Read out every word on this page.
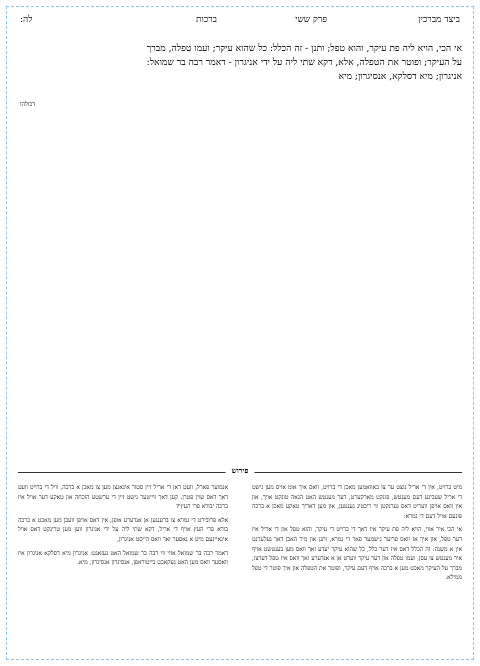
ביצד מברכין
פרק ששי
ברכות
לה:

אי הכי, הויא ליה פת עיקר, והוא טפל; ותנן - זה הכלל: כל שהוא עיקר; ועמו טפלה, מברך

על העיקר; ופוטר את הטפלה, אלא, דקא שתי ליה על ידי אניגרון - דאמר רבה בר שמואל:

אניגרון; מיא דסלקא, אנסיגרון; מיא

דכולהו
פירוש

מיט ברויט, אין ד' אריל נוצט ער צו באוואמען מאכן די ברויט, וואס איך אומ אויס מען נישט די אריל שעכיגע דעם מענטש, פונקט מארקערט, דער מענטש האט הנאה טונקט אויך, און אין וואס אויפן וועריט דאס נערנקטן ווי ריכטיג גענטען, און מען דאריך טאקע מאכן א ברכה פונעם אויל דעם די גמרא:

אי הכי איר אווי, הויא ליה פת עיקר איז דאך די ברויט די עיקר, והוא טפל און די אריל איז דער טפל, און איך אז וואס פריער ג'שמעד פאר די גמרא, ותנן און מיר האבן דאך געלערנט אין א משנה: זה הכלל דאס איז דער כלל, כל שהוא עיקר יעדע זאך וואס מען בענטשט אויף איר מענטש צו עסן, ועמו טפלה און דער עיקר ווערט אן א אנדערע זאך וואס איז טפל דערצו, מברך על העיקר מאכט מען א ברכה אויף דעם עיקר, ופוטר את הטפלה און איך פוטר די טפל ממילא.

אנמוער פארל, וועט דאן ד' אריל זיין סטור איגאנצן מען צו מאכן א ברכה, וויל די ברויט וועט דאך דאס שוין פטרן. קען דאך ווייטער נישט זיין די ערשטע הוכחה און טאקע דער אויל איז ברכה 'בורא פרי העץ'?

אלא פרובירט די גמרא צו ברענגען אן אנדערע אופן, אין דאס אויפן וועבן מען מאכט א ברכה בורא פרי העץ אויף ד' אריל, דקא שתי ליה על ידי אניגרון ווען מען טרינקט דאס אויל אינאיינעם מיט א נאסער זאך וואס הייסט אניגרון,

דאמר רבה בר שמואל אזוי ווי רבה בר שמואל האט געזאגט: אניגרון מיא דסלקא אניגרון איז וואסער וואס מען האט געקאכט בייטוראפן, אנסיגרון אנסיגרון, מיא.
